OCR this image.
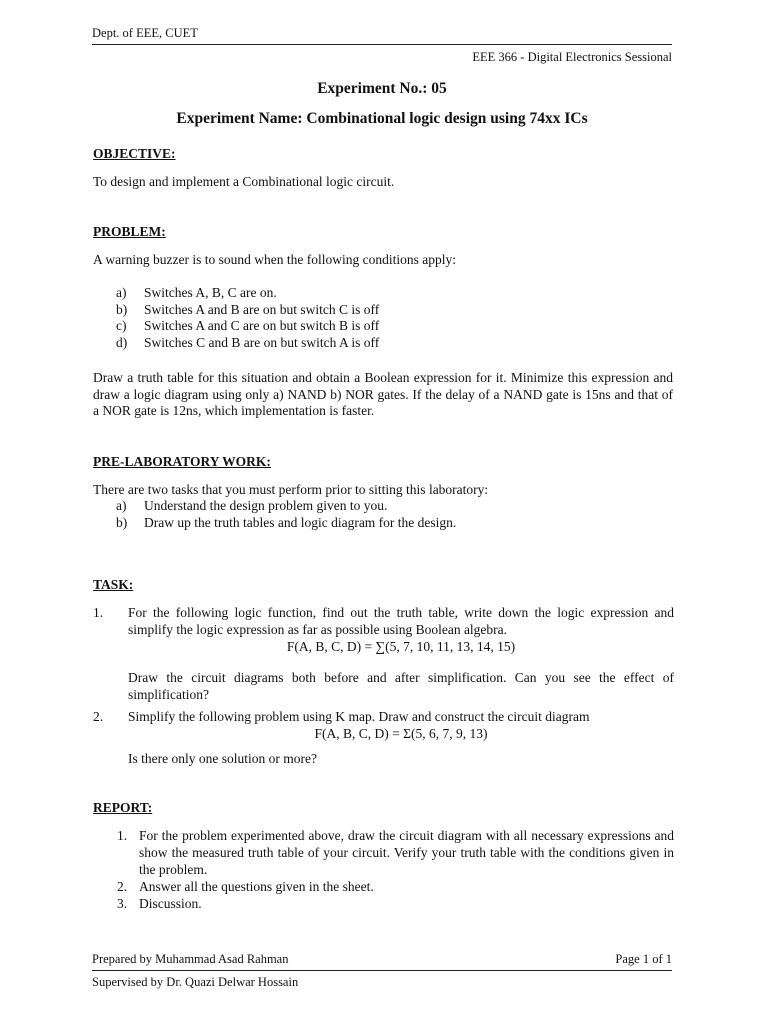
Dept. of EEE, CUET
EEE 366 - Digital Electronics Sessional
Experiment No.: 05
Experiment Name: Combinational logic design using 74xx ICs
OBJECTIVE:
To design and implement a Combinational logic circuit.
PROBLEM:
A warning buzzer is to sound when the following conditions apply:
a) Switches A, B, C are on.
b) Switches A and B are on but switch C is off
c) Switches A and C are on but switch B is off
d) Switches C and B are on but switch A is off
Draw a truth table for this situation and obtain a Boolean expression for it. Minimize this expression and draw a logic diagram using only a) NAND b) NOR gates. If the delay of a NAND gate is 15ns and that of a NOR gate is 12ns, which implementation is faster.
PRE-LABORATORY WORK:
There are two tasks that you must perform prior to sitting this laboratory:
a) Understand the design problem given to you.
b) Draw up the truth tables and logic diagram for the design.
TASK:
1. For the following logic function, find out the truth table, write down the logic expression and simplify the logic expression as far as possible using Boolean algebra.
F(A, B, C, D) = ∑(5, 7, 10, 11, 13, 14, 15)
Draw the circuit diagrams both before and after simplification. Can you see the effect of simplification?
2. Simplify the following problem using K map. Draw and construct the circuit diagram
F(A, B, C, D) = Σ(5, 6, 7, 9, 13)
Is there only one solution or more?
REPORT:
1. For the problem experimented above, draw the circuit diagram with all necessary expressions and show the measured truth table of your circuit. Verify your truth table with the conditions given in the problem.
2. Answer all the questions given in the sheet.
3. Discussion.
Prepared by Muhammad Asad Rahman	Page 1 of 1
Supervised by Dr. Quazi Delwar Hossain
